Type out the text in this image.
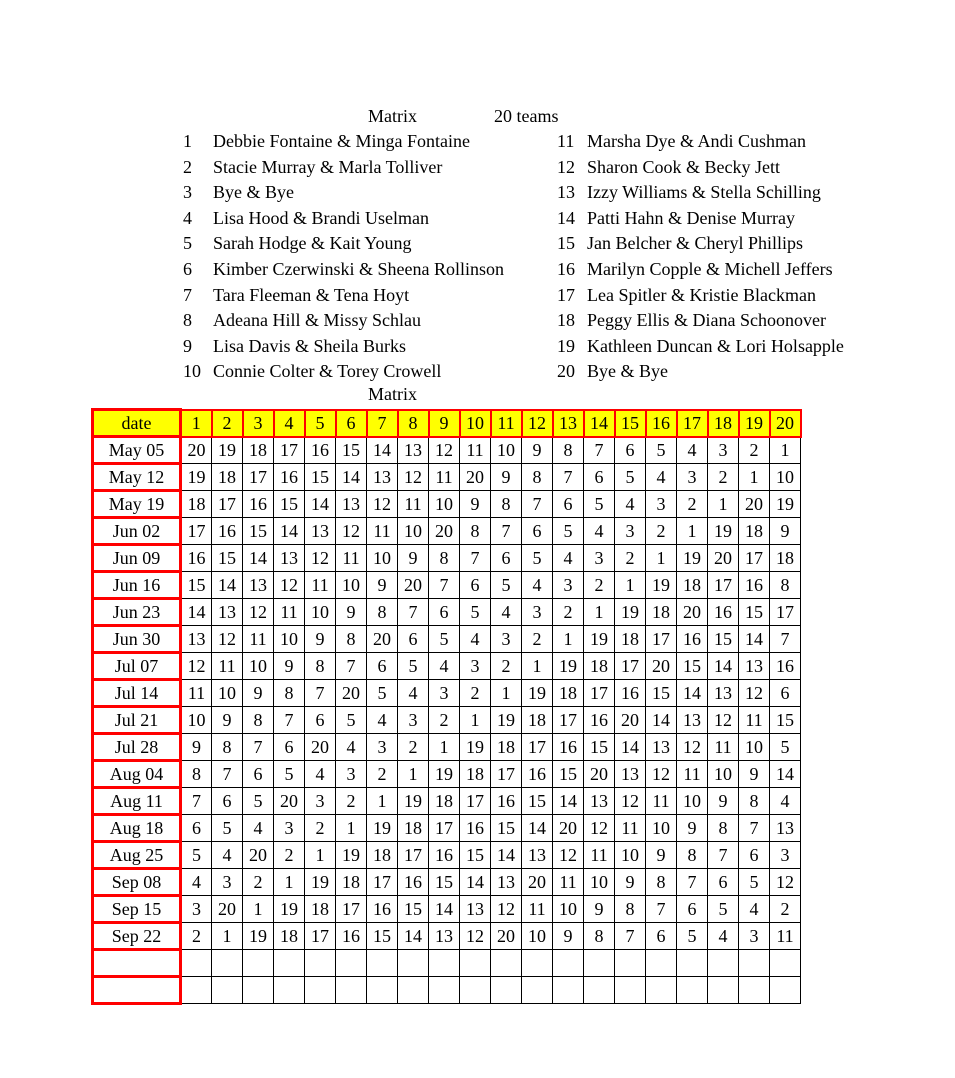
Matrix	20 teams
1 Debbie Fontaine & Minga Fontaine
2 Stacie Murray & Marla Tolliver
3 Bye & Bye
4 Lisa Hood & Brandi Uselman
5 Sarah Hodge & Kait Young
6 Kimber Czerwinski & Sheena Rollinson
7 Tara Fleeman & Tena Hoyt
8 Adeana Hill & Missy Schlau
9 Lisa Davis & Sheila Burks
10 Connie Colter & Torey Crowell
11 Marsha Dye & Andi Cushman
12 Sharon Cook & Becky Jett
13 Izzy Williams & Stella Schilling
14 Patti Hahn & Denise Murray
15 Jan Belcher & Cheryl Phillips
16 Marilyn Copple & Michell Jeffers
17 Lea Spitler & Kristie Blackman
18 Peggy Ellis & Diana Schoonover
19 Kathleen Duncan & Lori Holsapple
20 Bye & Bye
Matrix
date	1	2	3	4	5	6	7	8	9	10	11	12	13	14	15	16	17	18	19	20
May 05	20	19	18	17	16	15	14	13	12	11	10	9	8	7	6	5	4	3	2	1
May 12	19	18	17	16	15	14	13	12	11	20	9	8	7	6	5	4	3	2	1	10
May 19	18	17	16	15	14	13	12	11	10	9	8	7	6	5	4	3	2	1	20	19
Jun 02	17	16	15	14	13	12	11	10	20	8	7	6	5	4	3	2	1	19	18	9
Jun 09	16	15	14	13	12	11	10	9	8	7	6	5	4	3	2	1	19	20	17	18
Jun 16	15	14	13	12	11	10	9	20	7	6	5	4	3	2	1	19	18	17	16	8
Jun 23	14	13	12	11	10	9	8	7	6	5	4	3	2	1	19	18	20	16	15	17
Jun 30	13	12	11	10	9	8	20	6	5	4	3	2	1	19	18	17	16	15	14	7
Jul 07	12	11	10	9	8	7	6	5	4	3	2	1	19	18	17	20	15	14	13	16
Jul 14	11	10	9	8	7	20	5	4	3	2	1	19	18	17	16	15	14	13	12	6
Jul 21	10	9	8	7	6	5	4	3	2	1	19	18	17	16	20	14	13	12	11	15
Jul 28	9	8	7	6	20	4	3	2	1	19	18	17	16	15	14	13	12	11	10	5
Aug 04	8	7	6	5	4	3	2	1	19	18	17	16	15	20	13	12	11	10	9	14
Aug 11	7	6	5	20	3	2	1	19	18	17	16	15	14	13	12	11	10	9	8	4
Aug 18	6	5	4	3	2	1	19	18	17	16	15	14	20	12	11	10	9	8	7	13
Aug 25	5	4	20	2	1	19	18	17	16	15	14	13	12	11	10	9	8	7	6	3
Sep 08	4	3	2	1	19	18	17	16	15	14	13	20	11	10	9	8	7	6	5	12
Sep 15	3	20	1	19	18	17	16	15	14	13	12	11	10	9	8	7	6	5	4	2
Sep 22	2	1	19	18	17	16	15	14	13	12	20	10	9	8	7	6	5	4	3	11
